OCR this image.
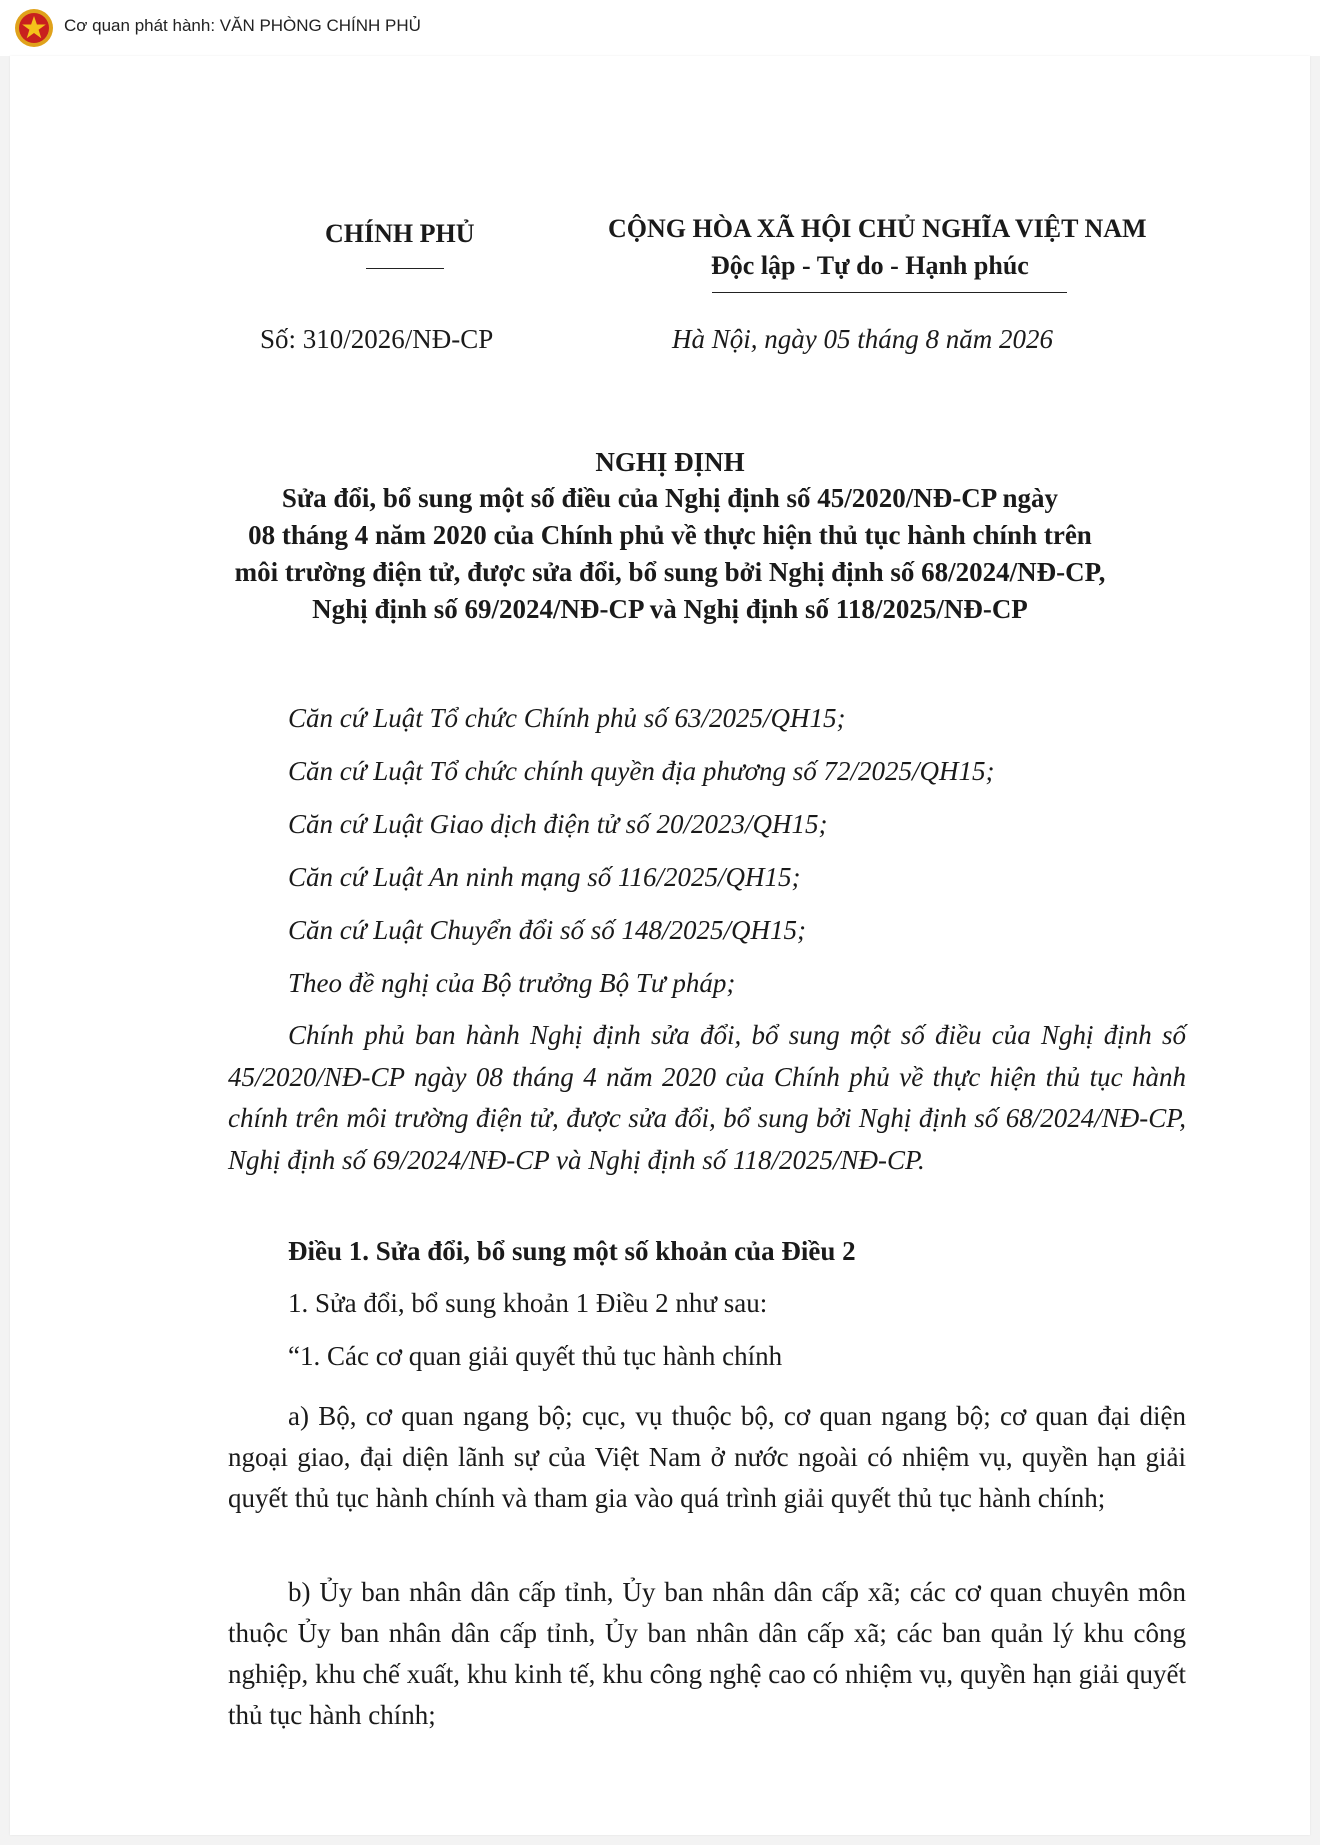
Cơ quan phát hành: VĂN PHÒNG CHÍNH PHỦ
CHÍNH PHỦ	CỘNG HÒA XÃ HỘI CHỦ NGHĨA VIỆT NAM
Độc lập - Tự do - Hạnh phúc
Số: 310/2026/NĐ-CP	Hà Nội, ngày 05 tháng 8 năm 2026
NGHỊ ĐỊNH
Sửa đổi, bổ sung một số điều của Nghị định số 45/2020/NĐ-CP ngày
08 tháng 4 năm 2020 của Chính phủ về thực hiện thủ tục hành chính trên
môi trường điện tử, được sửa đổi, bổ sung bởi Nghị định số 68/2024/NĐ-CP,
Nghị định số 69/2024/NĐ-CP và Nghị định số 118/2025/NĐ-CP
Căn cứ Luật Tổ chức Chính phủ số 63/2025/QH15;
Căn cứ Luật Tổ chức chính quyền địa phương số 72/2025/QH15;
Căn cứ Luật Giao dịch điện tử số 20/2023/QH15;
Căn cứ Luật An ninh mạng số 116/2025/QH15;
Căn cứ Luật Chuyển đổi số số 148/2025/QH15;
Theo đề nghị của Bộ trưởng Bộ Tư pháp;
Chính phủ ban hành Nghị định sửa đổi, bổ sung một số điều của Nghị định số 45/2020/NĐ-CP ngày 08 tháng 4 năm 2020 của Chính phủ về thực hiện thủ tục hành chính trên môi trường điện tử, được sửa đổi, bổ sung bởi Nghị định số 68/2024/NĐ-CP, Nghị định số 69/2024/NĐ-CP và Nghị định số 118/2025/NĐ-CP.
Điều 1. Sửa đổi, bổ sung một số khoản của Điều 2
1. Sửa đổi, bổ sung khoản 1 Điều 2 như sau:
“1. Các cơ quan giải quyết thủ tục hành chính
a) Bộ, cơ quan ngang bộ; cục, vụ thuộc bộ, cơ quan ngang bộ; cơ quan đại diện ngoại giao, đại diện lãnh sự của Việt Nam ở nước ngoài có nhiệm vụ, quyền hạn giải quyết thủ tục hành chính và tham gia vào quá trình giải quyết thủ tục hành chính;
b) Ủy ban nhân dân cấp tỉnh, Ủy ban nhân dân cấp xã; các cơ quan chuyên môn thuộc Ủy ban nhân dân cấp tỉnh, Ủy ban nhân dân cấp xã; các ban quản lý khu công nghiệp, khu chế xuất, khu kinh tế, khu công nghệ cao có nhiệm vụ, quyền hạn giải quyết thủ tục hành chính;
